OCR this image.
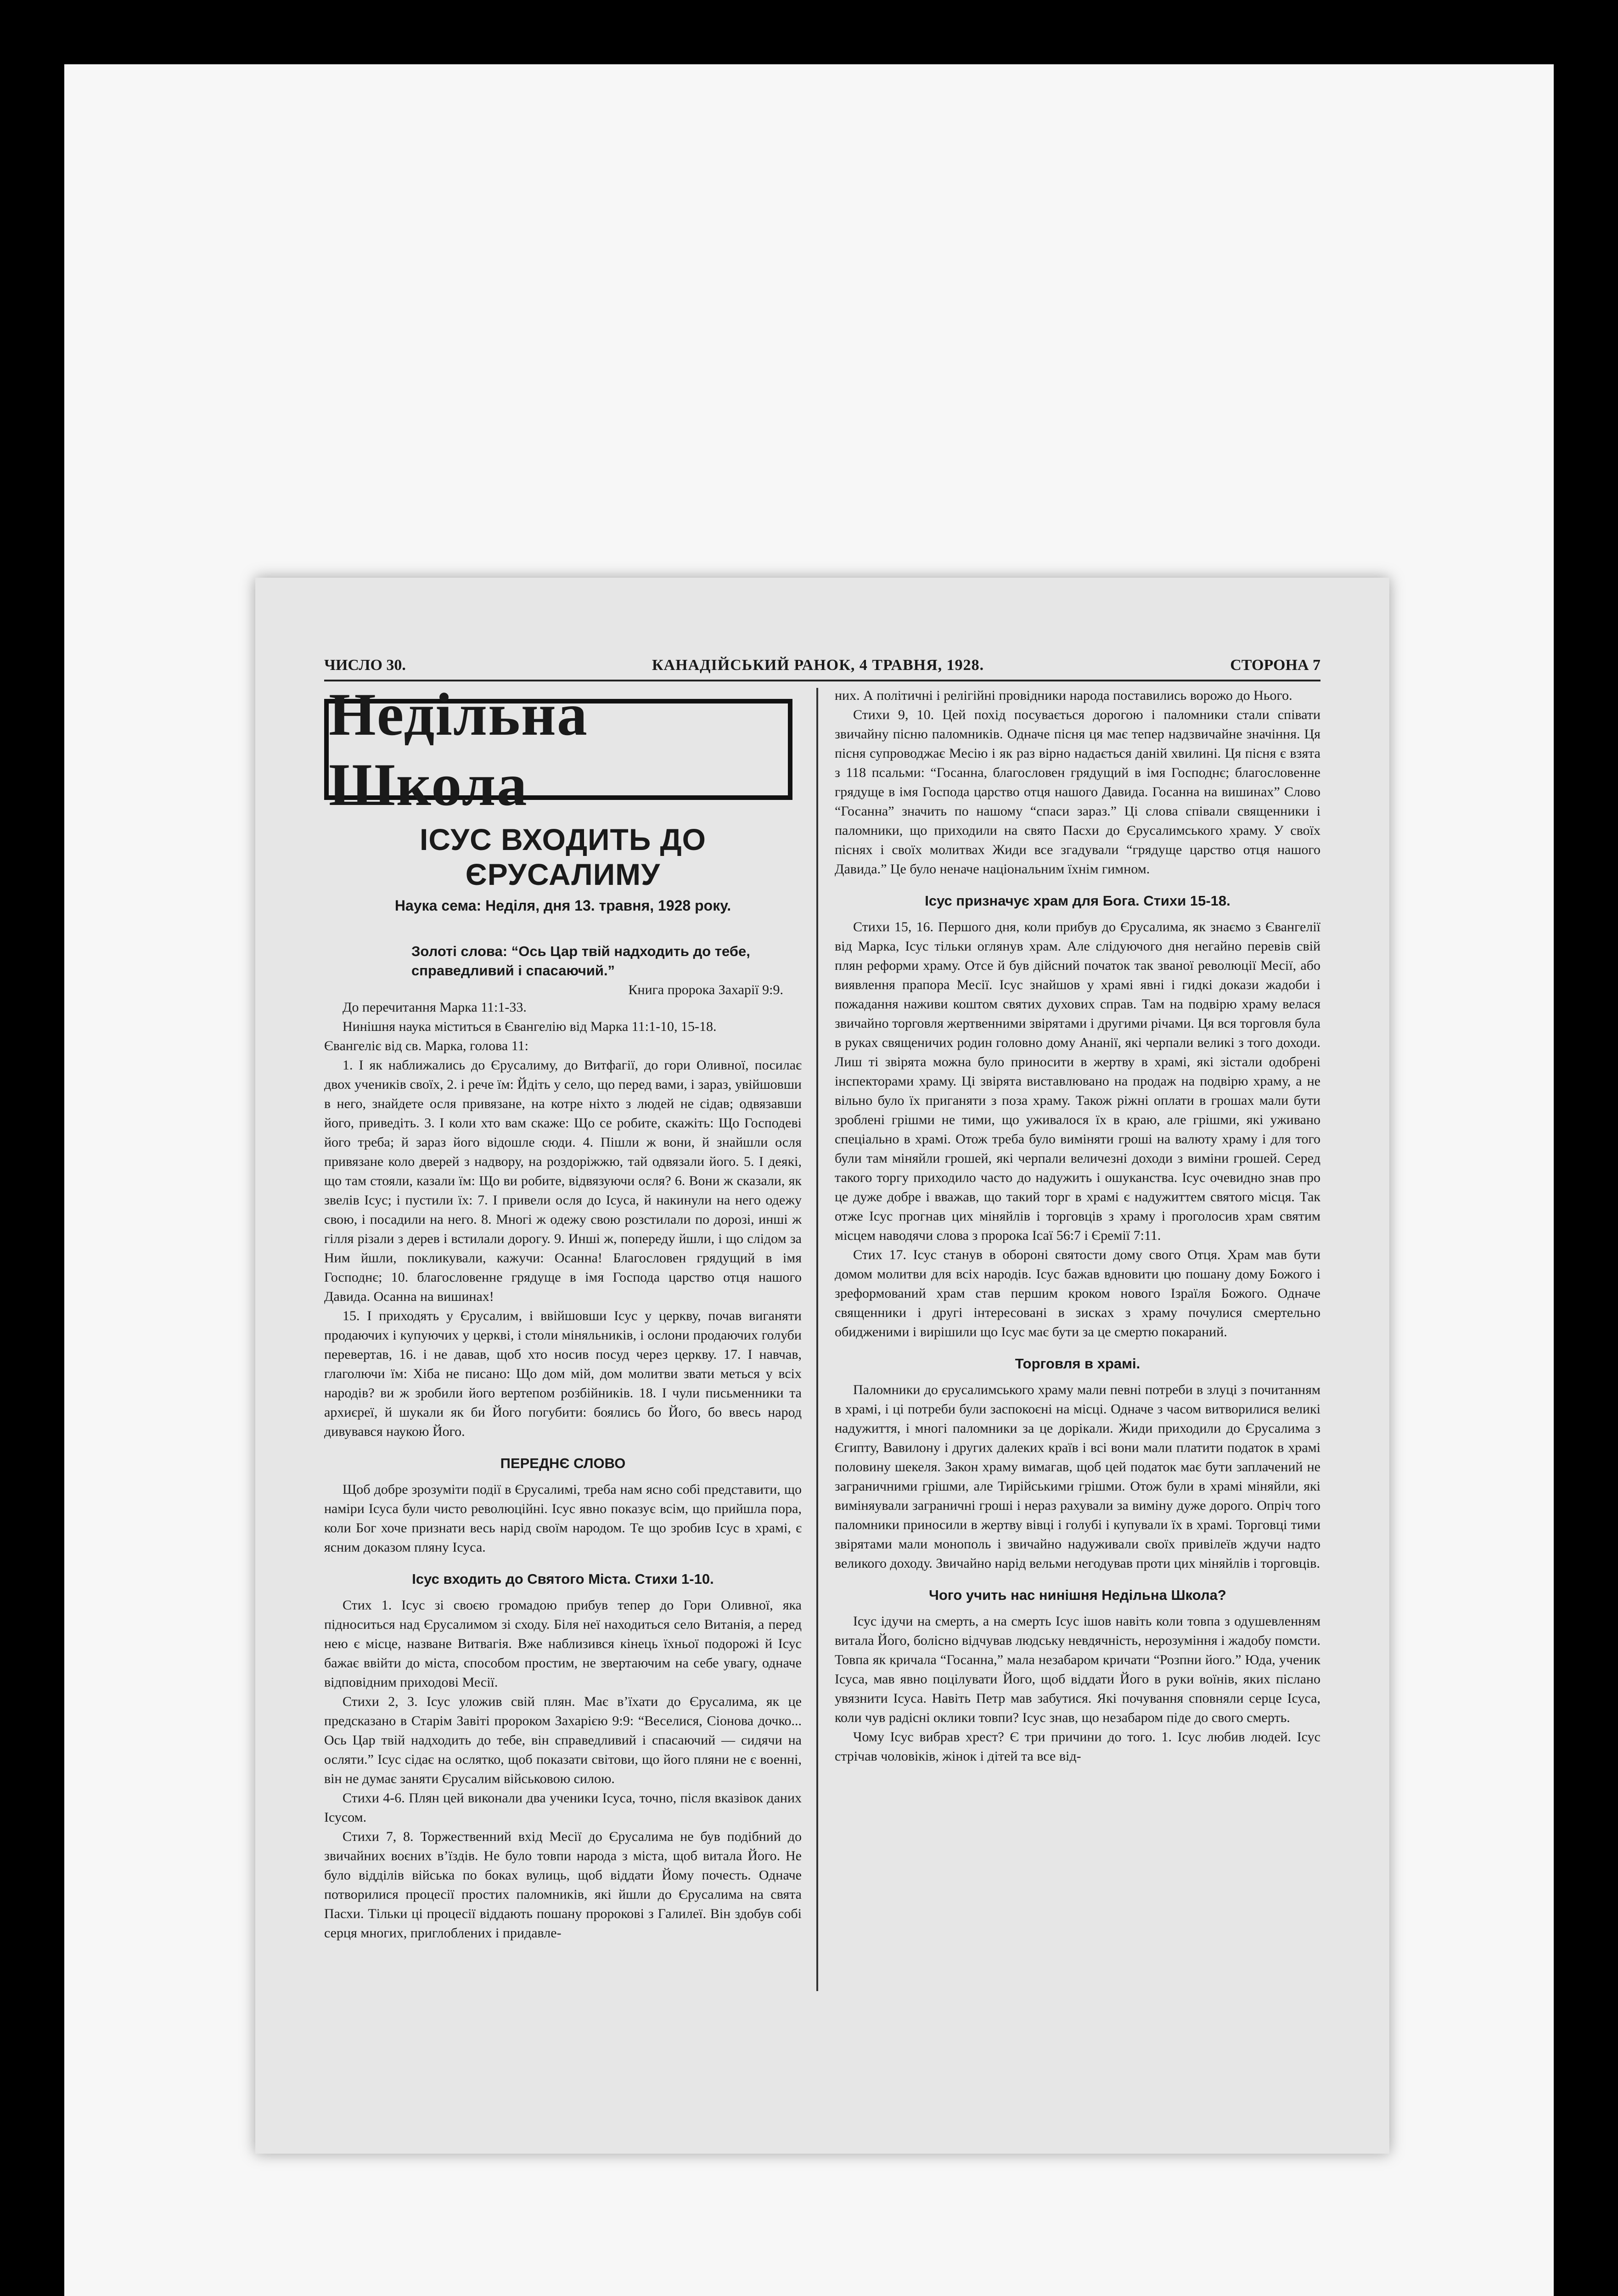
ЧИСЛО 30.	КАНАДІЙСЬКИЙ РАНОК, 4 ТРАВНЯ, 1928.	СТОРОНА 7
Недільна Школа
ІСУС ВХОДИТЬ ДО ЄРУСАЛИМУ
Наука сема: Неділя, дня 13. травня, 1928 року.
Золоті слова: “Ось Цар твій надходить до тебе, справедливий і спасаючий.”
Книга пророка Захарії 9:9.

До перечитання Марка 11:1-33.

Нинішня наука міститься в Євангелію від Марка 11:1-10, 15-18.

Євангеліє від св. Марка, голова 11:

1. І як наближались до Єрусалиму, до Витфагії, до гори Оливної, посилає двох учеників своїх, 2. і рече їм: Йдіть у село, що перед вами, і зараз, увійшовши в него, знайдете осля привязане, на котре ніхто з людей не сідав; одвязавши його, приведіть. 3. І коли хто вам скаже: Що се робите, скажіть: Що Господеві його треба; й зараз його відошле сюди. 4. Пішли ж вони, й знайшли осля привязане коло дверей з надвору, на роздоріжжю, тай одвязали його. 5. І деякі, що там стояли, казали їм: Що ви робите, відвязуючи осля? 6. Вони ж сказали, як звелів Ісус; і пустили їх: 7. І привели осля до Ісуса, й накинули на него одежу свою, і посадили на него. 8. Многі ж одежу свою розстилали по дорозі, инші ж гілля різали з дерев і встилали дорогу. 9. Инші ж, попереду йшли, і що слідом за Ним йшли, покликували, кажучи: Осанна! Благословен грядущий в імя Господнє; 10. благословенне грядуще в імя Господа царство отця нашого Давида. Осанна на вишинах!

15. І приходять у Єрусалим, і ввійшовши Ісус у церкву, почав виганяти продаючих і купуючих у церкві, і столи міняльників, і ослони продаючих голуби перевертав, 16. і не давав, щоб хто носив посуд через церкву. 17. І навчав, глаголючи їм: Хіба не писано: Що дом мій, дом молитви звати меться у всіх народів? ви ж зробили його вертепом розбійників. 18. І чули письменники та архиєреї, й шукали як би Його погубити: боялись бо Його, бо ввесь народ дивувався наукою Його.

ПЕРЕДНЄ СЛОВО

Щоб добре зрозуміти події в Єрусалимі, треба нам ясно собі представити, що наміри Ісуса були чисто революційні. Ісус явно показує всім, що прийшла пора, коли Бог хоче признати весь нарід своїм народом. Те що зробив Ісус в храмі, є ясним доказом пляну Ісуса.

Ісус входить до Святого Міста. Стихи 1-10.

Стих 1. Ісус зі своєю громадою прибув тепер до Гори Оливної, яка підноситься над Єрусалимом зі сходу. Біля неї находиться село Витанія, а перед нею є місце, назване Витвагія. Вже наблизився кінець їхньої подорожі й Ісус бажає ввійти до міста, способом простим, не звертаючим на себе увагу, одначе відповідним приходові Месії.

Стихи 2, 3. Ісус уложив свій плян. Має в’їхати до Єрусалима, як це предсказано в Старім Завіті пророком Захарією 9:9: “Веселися, Сіонова дочко... Ось Цар твій надходить до тебе, він справедливий і спасаючий — сидячи на осляти.” Ісус сідає на ослятко, щоб показати світови, що його пляни не є военні, він не думає заняти Єрусалим військовою силою.

Стихи 4-6. Плян цей виконали два ученики Ісуса, точно, після вказівок даних Ісусом.

Стихи 7, 8. Торжественний вхід Месії до Єрусалима не був подібний до звичайних воєних в’їздів. Не було товпи народа з міста, щоб витала Його. Не було відділів війська по боках вулиць, щоб віддати Йому почесть. Одначе потворилися процесії простих паломників, які йшли до Єрусалима на свята Пасхи. Тільки ці процесії віддають пошану пророкові з Галилеї. Він здобув собі серця многих, приглоблених і придавле-

них. А політичні і релігійні провідники народа поставились ворожо до Нього.

Стихи 9, 10. Цей похід посувається дорогою і паломники стали співати звичайну пісню паломників. Одначе пісня ця має тепер надзвичайне значіння. Ця пісня супроводжає Месію і як раз вірно надається даній хвилині. Ця пісня є взята з 118 псальми: “Госанна, благословен грядущий в імя Господнє; благословенне грядуще в імя Господа царство отця нашого Давида. Госанна на вишинах” Слово “Госанна” значить по нашому “спаси зараз.” Ці слова співали священники і паломники, що приходили на свято Пасхи до Єрусалимського храму. У своїх піснях і своїх молитвах Жиди все згадували “грядуще царство отця нашого Давида.” Це було неначе національним їхнім гимном.

Ісус призначує храм для Бога. Стихи 15-18.

Стихи 15, 16. Першого дня, коли прибув до Єрусалима, як знаємо з Євангелії від Марка, Ісус тільки оглянув храм. Але слідуючого дня негайно перевів свій плян реформи храму. Отсе й був дійсний початок так званої революції Месії, або виявлення прапора Месії. Ісус знайшов у храмі явні і гидкі докази жадоби і пожадання наживи коштом святих духових справ. Там на подвірю храму велася звичайно торговля жертвенними звірятами і другими річами. Ця вся торговля була в руках священичих родин головно дому Ананії, які черпали великі з того доходи. Лиш ті звірята можна було приносити в жертву в храмі, які зістали одобрені інспекторами храму. Ці звірята виставлювано на продаж на подвірю храму, а не вільно було їх приганяти з поза храму. Також ріжні оплати в грошах мали бути зроблені грішми не тими, що уживалося їх в краю, але грішми, які уживано спеціально в храмі. Отож треба було виміняти гроші на валюту храму і для того були там міняйли грошей, які черпали величезні доходи з виміни грошей. Серед такого торгу приходило часто до надужить і ошуканства. Ісус очевидно знав про це дуже добре і вважав, що такий торг в храмі є надужиттем святого місця. Так отже Ісус прогнав цих міняйлів і торговців з храму і проголосив храм святим місцем наводячи слова з пророка Ісаї 56:7 і Єремії 7:11.

Стих 17. Ісус станув в обороні святости дому свого Отця. Храм мав бути домом молитви для всіх народів. Ісус бажав вдновити цю пошану дому Божого і зреформований храм став першим кроком нового Ізраїля Божого. Одначе священники і другі інтересовані в зисках з храму почулися смертельно обидженими і вирішили що Ісус має бути за це смертю покараний.

Торговля в храмі.

Паломники до єрусалимського храму мали певні потреби в злуці з почитанням в храмі, і ці потреби були заспокоєні на місці. Одначе з часом витворилися великі надужиття, і многі паломники за це дорікали. Жиди приходили до Єрусалима з Єгипту, Вавилону і других далеких країв і всі вони мали платити податок в храмі половину шекеля. Закон храму вимагав, щоб цей податок має бути заплачений не заграничними грішми, але Тирійськими грішми. Отож були в храмі міняйли, які виміняували заграничні гроші і нераз рахували за виміну дуже дорого. Опріч того паломники приносили в жертву вівці і голубі і купували їх в храмі. Торговці тими звірятами мали монополь і звичайно надуживали своїх привілеїв ждучи надто великого доходу. Звичайно нарід вельми негодував проти цих міняйлів і торговців.

Чого учить нас нинішня Недільна Школа?

Ісус ідучи на смерть, а на смерть Ісус ішов навіть коли товпа з одушевленням витала Його, болісно відчував людську невдячність, нерозуміння і жадобу помсти. Товпа як кричала “Госанна,” мала незабаром кричати “Розпни його.” Юда, ученик Ісуса, мав явно поцілувати Його, щоб віддати Його в руки воїнів, яких післано увязнити Ісуса. Навіть Петр мав забутися. Які почування сповняли серце Ісуса, коли чув радісні оклики товпи? Ісус знав, що незабаром піде до свого смерть.

Чому Ісус вибрав хрест? Є три причини до того. 1. Ісус любив людей. Ісус стрічав чоловіків, жінок і дітей та все від-
